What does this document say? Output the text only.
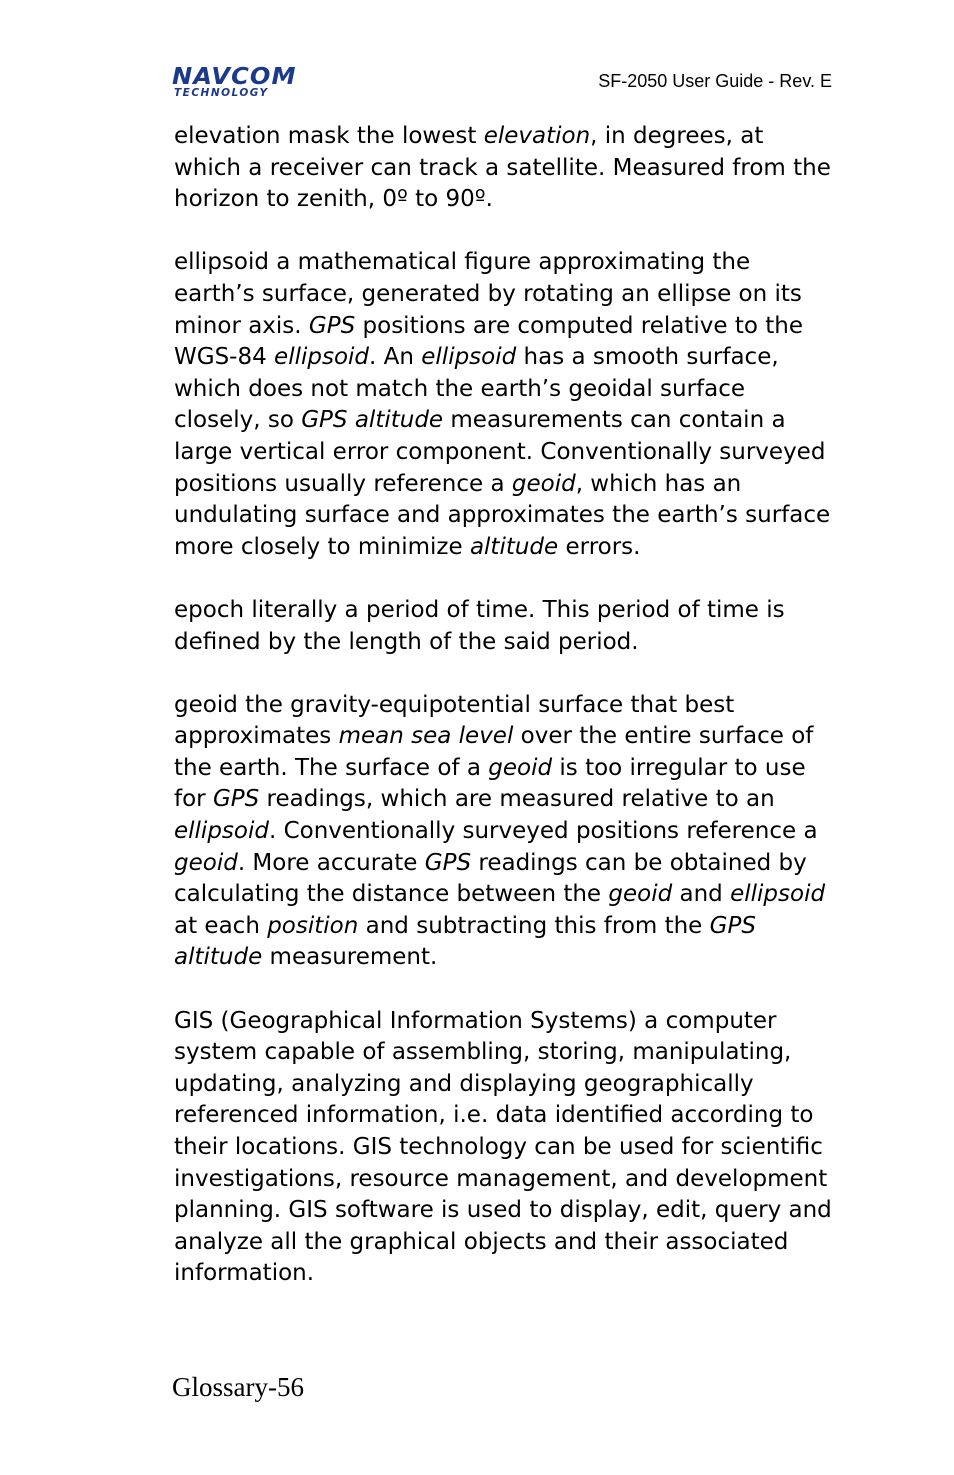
NAVCOM
TECHNOLOGY
SF-2050 User Guide - Rev. E

elevation mask the lowest elevation, in degrees, at which a receiver can track a satellite. Measured from the horizon to zenith, 0º to 90º.

ellipsoid a mathematical figure approximating the earth’s surface, generated by rotating an ellipse on its minor axis. GPS positions are computed relative to the WGS-84 ellipsoid. An ellipsoid has a smooth surface, which does not match the earth’s geoidal surface closely, so GPS altitude measurements can contain a large vertical error component. Conventionally surveyed positions usually reference a geoid, which has an undulating surface and approximates the earth’s surface more closely to minimize altitude errors.

epoch literally a period of time. This period of time is defined by the length of the said period.

geoid the gravity-equipotential surface that best approximates mean sea level over the entire surface of the earth. The surface of a geoid is too irregular to use for GPS readings, which are measured relative to an ellipsoid. Conventionally surveyed positions reference a geoid. More accurate GPS readings can be obtained by calculating the distance between the geoid and ellipsoid at each position and subtracting this from the GPS altitude measurement.

GIS (Geographical Information Systems) a computer system capable of assembling, storing, manipulating, updating, analyzing and displaying geographically referenced information, i.e. data identified according to their locations. GIS technology can be used for scientific investigations, resource management, and development planning. GIS software is used to display, edit, query and analyze all the graphical objects and their associated information.

Glossary-56
